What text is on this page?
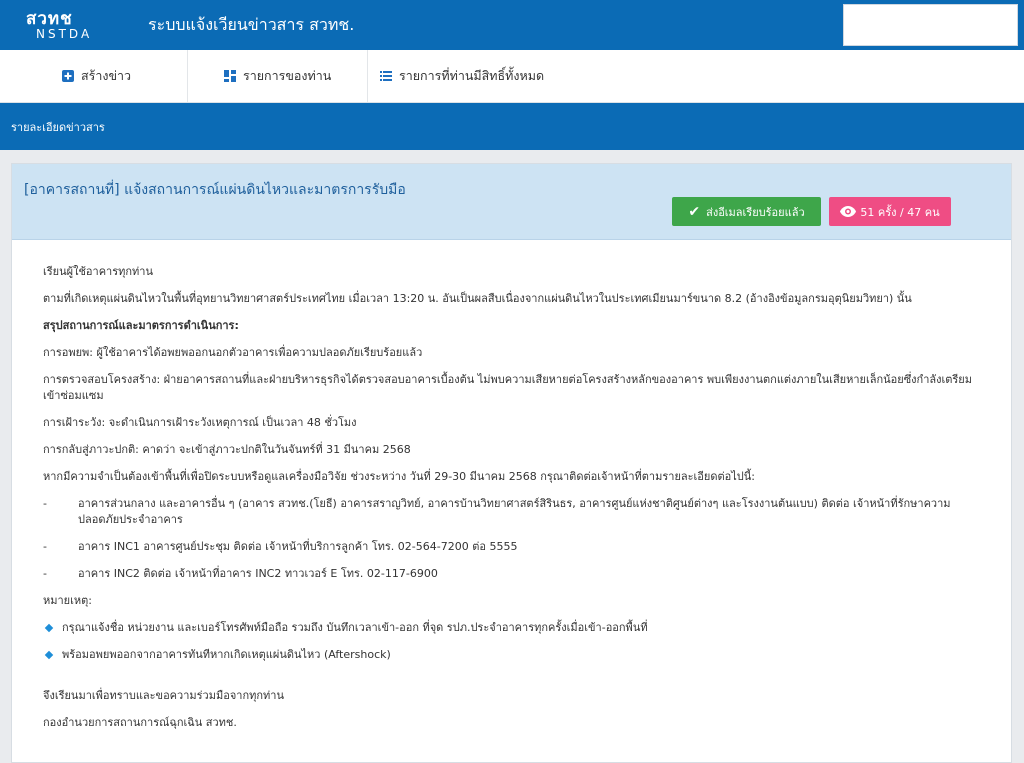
สวทช
NSTDA	ระบบแจ้งเวียนข่าวสาร สวทช.
สร้างข่าว	รายการของท่าน	รายการที่ท่านมีสิทธิ์ทั้งหมด
รายละเอียดข่าวสาร
[อาคารสถานที่] แจ้งสถานการณ์แผ่นดินไหวและมาตรการรับมือ
✔ ส่งอีเมลเรียบร้อยแล้ว	51 ครั้ง / 47 คน

เรียนผู้ใช้อาคารทุกท่าน

ตามที่เกิดเหตุแผ่นดินไหวในพื้นที่อุทยานวิทยาศาสตร์ประเทศไทย เมื่อเวลา 13:20 น. อันเป็นผลสืบเนื่องจากแผ่นดินไหวในประเทศเมียนมาร์ขนาด 8.2 (อ้างอิงข้อมูลกรมอุตุนิยมวิทยา) นั้น

สรุปสถานการณ์และมาตรการดำเนินการ:

การอพยพ: ผู้ใช้อาคารได้อพยพออกนอกตัวอาคารเพื่อความปลอดภัยเรียบร้อยแล้ว

การตรวจสอบโครงสร้าง: ฝ่ายอาคารสถานที่และฝ่ายบริหารธุรกิจได้ตรวจสอบอาคารเบื้องต้น ไม่พบความเสียหายต่อโครงสร้างหลักของอาคาร พบเพียงงานตกแต่งภายในเสียหายเล็กน้อยซึ่งกำลังเตรียมเข้าซ่อมแซม

การเฝ้าระวัง: จะดำเนินการเฝ้าระวังเหตุการณ์ เป็นเวลา 48 ชั่วโมง

การกลับสู่ภาวะปกติ: คาดว่า จะเข้าสู่ภาวะปกติในวันจันทร์ที่ 31 มีนาคม 2568

หากมีความจำเป็นต้องเข้าพื้นที่เพื่อปิดระบบหรือดูแลเครื่องมือวิจัย ช่วงระหว่าง วันที่ 29-30 มีนาคม 2568 กรุณาติดต่อเจ้าหน้าที่ตามรายละเอียดต่อไปนี้:

-	อาคารส่วนกลาง และอาคารอื่น ๆ (อาคาร สวทช.(โยธี) อาคารสราญวิทย์, อาคารบ้านวิทยาศาสตร์สิรินธร, อาคารศูนย์แห่งชาติศูนย์ต่างๆ และโรงงานต้นแบบ) ติดต่อ เจ้าหน้าที่รักษาความปลอดภัยประจำอาคาร
-	อาคาร INC1 อาคารศูนย์ประชุม ติดต่อ เจ้าหน้าที่บริการลูกค้า โทร. 02-564-7200 ต่อ 5555
-	อาคาร INC2 ติดต่อ เจ้าหน้าที่อาคาร INC2 ทาวเวอร์ E โทร. 02-117-6900

หมายเหตุ:

กรุณาแจ้งชื่อ หน่วยงาน และเบอร์โทรศัพท์มือถือ รวมถึง บันทึกเวลาเข้า-ออก ที่จุด รปภ.ประจำอาคารทุกครั้งเมื่อเข้า-ออกพื้นที่
พร้อมอพยพออกจากอาคารทันทีหากเกิดเหตุแผ่นดินไหว (Aftershock)

จึงเรียนมาเพื่อทราบและขอความร่วมมือจากทุกท่าน

กองอำนวยการสถานการณ์ฉุกเฉิน สวทช.
